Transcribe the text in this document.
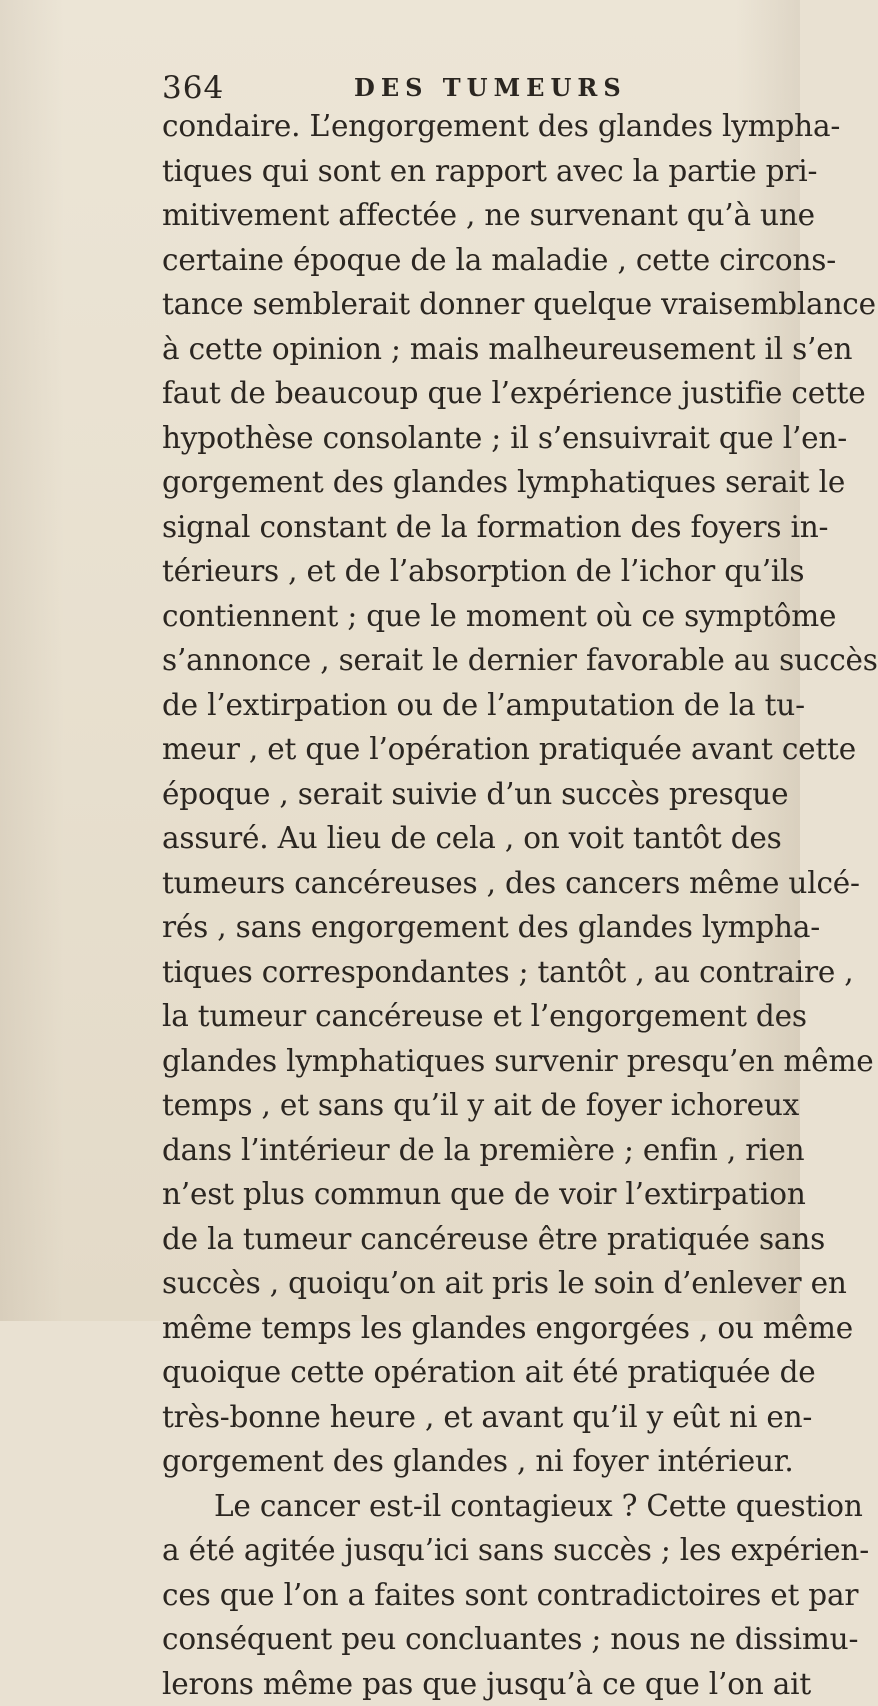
364	DES TUMEURS
condaire. L’engorgement des glandes lympha-
tiques qui sont en rapport avec la partie pri-
mitivement affectée , ne survenant qu’à une
certaine époque de la maladie , cette circons-
tance semblerait donner quelque vraisemblance
à cette opinion ; mais malheureusement il s’en
faut de beaucoup que l’expérience justifie cette
hypothèse consolante ; il s’ensuivrait que l’en-
gorgement des glandes lymphatiques serait le
signal constant de la formation des foyers in-
térieurs , et de l’absorption de l’ichor qu’ils
contiennent ; que le moment où ce symptôme
s’annonce , serait le dernier favorable au succès
de l’extirpation ou de l’amputation de la tu-
meur , et que l’opération pratiquée avant cette
époque , serait suivie d’un succès presque
assuré. Au lieu de cela , on voit tantôt des
tumeurs cancéreuses , des cancers même ulcé-
rés , sans engorgement des glandes lympha-
tiques correspondantes ; tantôt , au contraire ,
la tumeur cancéreuse et l’engorgement des
glandes lymphatiques survenir presqu’en même
temps , et sans qu’il y ait de foyer ichoreux
dans l’intérieur de la première ; enfin , rien
n’est plus commun que de voir l’extirpation
de la tumeur cancéreuse être pratiquée sans
succès , quoiqu’on ait pris le soin d’enlever en
même temps les glandes engorgées , ou même
quoique cette opération ait été pratiquée de
très-bonne heure , et avant qu’il y eût ni en-
gorgement des glandes , ni foyer intérieur.
Le cancer est-il contagieux ? Cette question
a été agitée jusqu’ici sans succès ; les expérien-
ces que l’on a faites sont contradictoires et par
conséquent peu concluantes ; nous ne dissimu-
lerons même pas que jusqu’à ce que l’on ait
